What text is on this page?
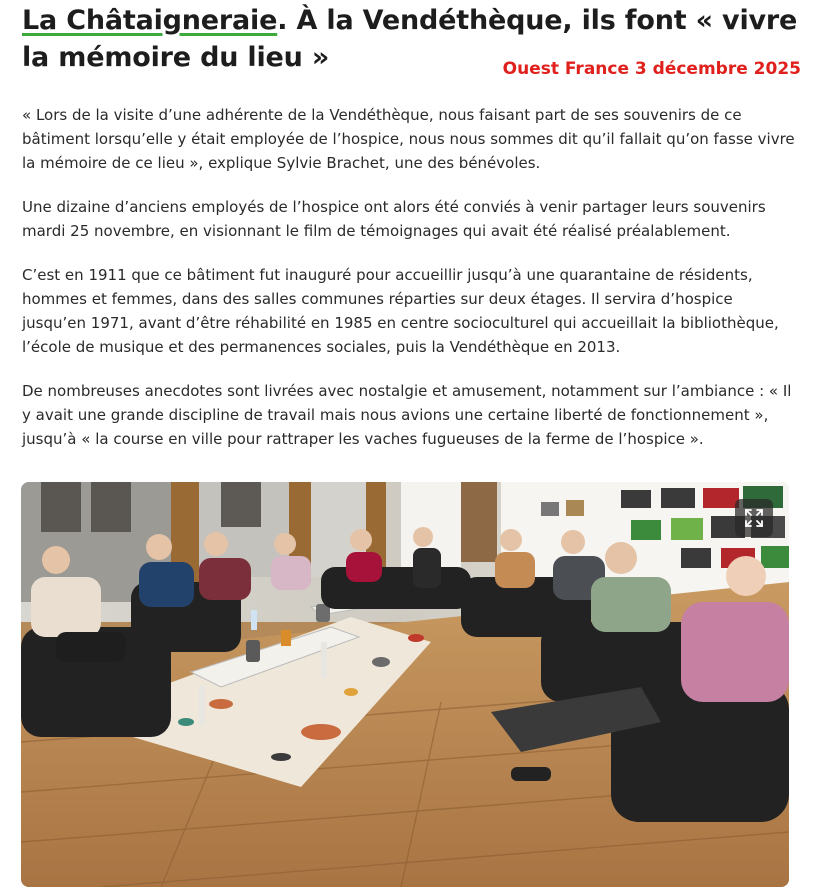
La Châtaigneraie. À la Vendéthèque, ils font « vivre la mémoire du lieu »	Ouest France 3 décembre 2025

« Lors de la visite d’une adhérente de la Vendéthèque, nous faisant part de ses souvenirs de ce bâtiment lorsqu’elle y était employée de l’hospice, nous nous sommes dit qu’il fallait qu’on fasse vivre la mémoire de ce lieu », explique Sylvie Brachet, une des bénévoles.

Une dizaine d’anciens employés de l’hospice ont alors été conviés à venir partager leurs souvenirs mardi 25 novembre, en visionnant le film de témoignages qui avait été réalisé préalablement.

C’est en 1911 que ce bâtiment fut inauguré pour accueillir jusqu’à une quarantaine de résidents, hommes et femmes, dans des salles communes réparties sur deux étages. Il servira d’hospice jusqu’en 1971, avant d’être réhabilité en 1985 en centre socioculturel qui accueillait la bibliothèque, l’école de musique et des permanences sociales, puis la Vendéthèque en 2013.

De nombreuses anecdotes sont livrées avec nostalgie et amusement, notamment sur l’ambiance : « Il y avait une grande discipline de travail mais nous avions une certaine liberté de fonctionnement », jusqu’à « la course en ville pour rattraper les vaches fugueuses de la ferme de l’hospice ».
